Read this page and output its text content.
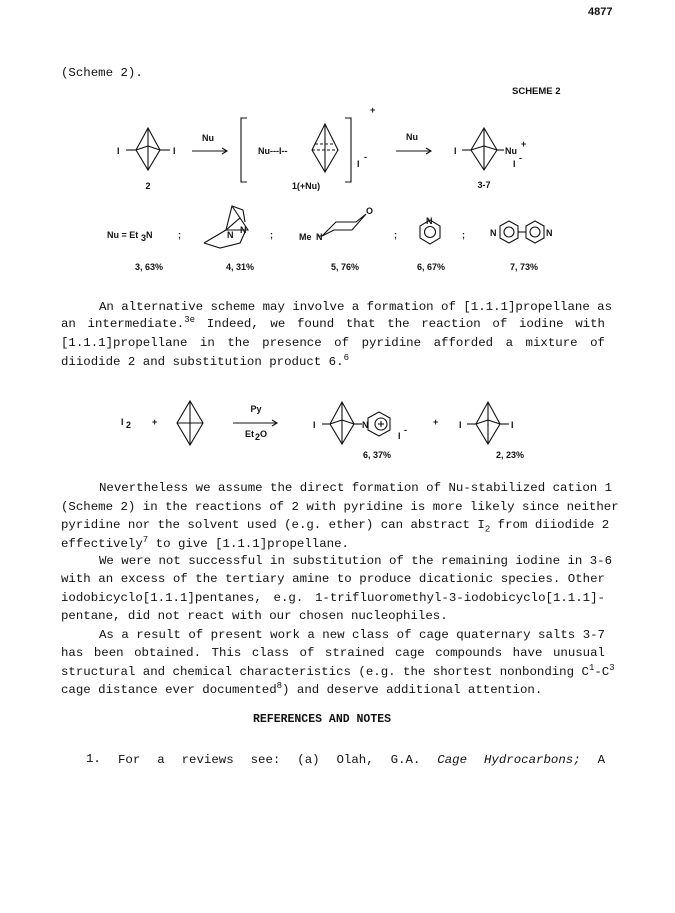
4877
(Scheme 2).
SCHEME 2
I	I
2
Nu
Nu---I--
+
I
-
1(+Nu)
Nu
I	Nu
+
I
-
3-7
Nu = Et 3 N	;	N
N	;	Me N
O
;
N
;	N	N
3, 63%	4, 31%	5, 76%	6, 67%	7, 73%
I 2 +
Py
Et 2 O
I	N
I
-
+ I	I
6, 37%	2, 23%
An alternative scheme may involve a formation of [1.1.1]propellane as
an intermediate.$^{3e}$ Indeed, we found that the reaction of iodine with
[1.1.1]propellane in the presence of pyridine afforded a mixture of
diiodide 2 and substitution product 6.$^6$
Nevertheless we assume the direct formation of Nu-stabilized cation 1
(Scheme 2) in the reactions of 2 with pyridine is more likely since neither
pyridine nor the solvent used (e.g. ether) can abstract $I_2$ from diiodide 2
effectively$^7$ to give [1.1.1]propellane.
We were not successful in substitution of the remaining iodine in 3-6
with an excess of the tertiary amine to produce dicationic species. Other
iodobicyclo[1.1.1]pentanes, e.g. 1-trifluoromethyl-3-iodobicyclo[1.1.1]-
pentane, did not react with our chosen nucleophiles.
As a result of present work a new class of cage quaternary salts 3-7
has been obtained. This class of strained cage compounds have unusual
structural and chemical characteristics (e.g. the shortest nonbonding $C^1-C^3$
cage distance ever documented$^8$) and deserve additional attention.
REFERENCES AND NOTES
1. For a reviews see: (a) Olah, G.A. Cage Hydrocarbons; A
